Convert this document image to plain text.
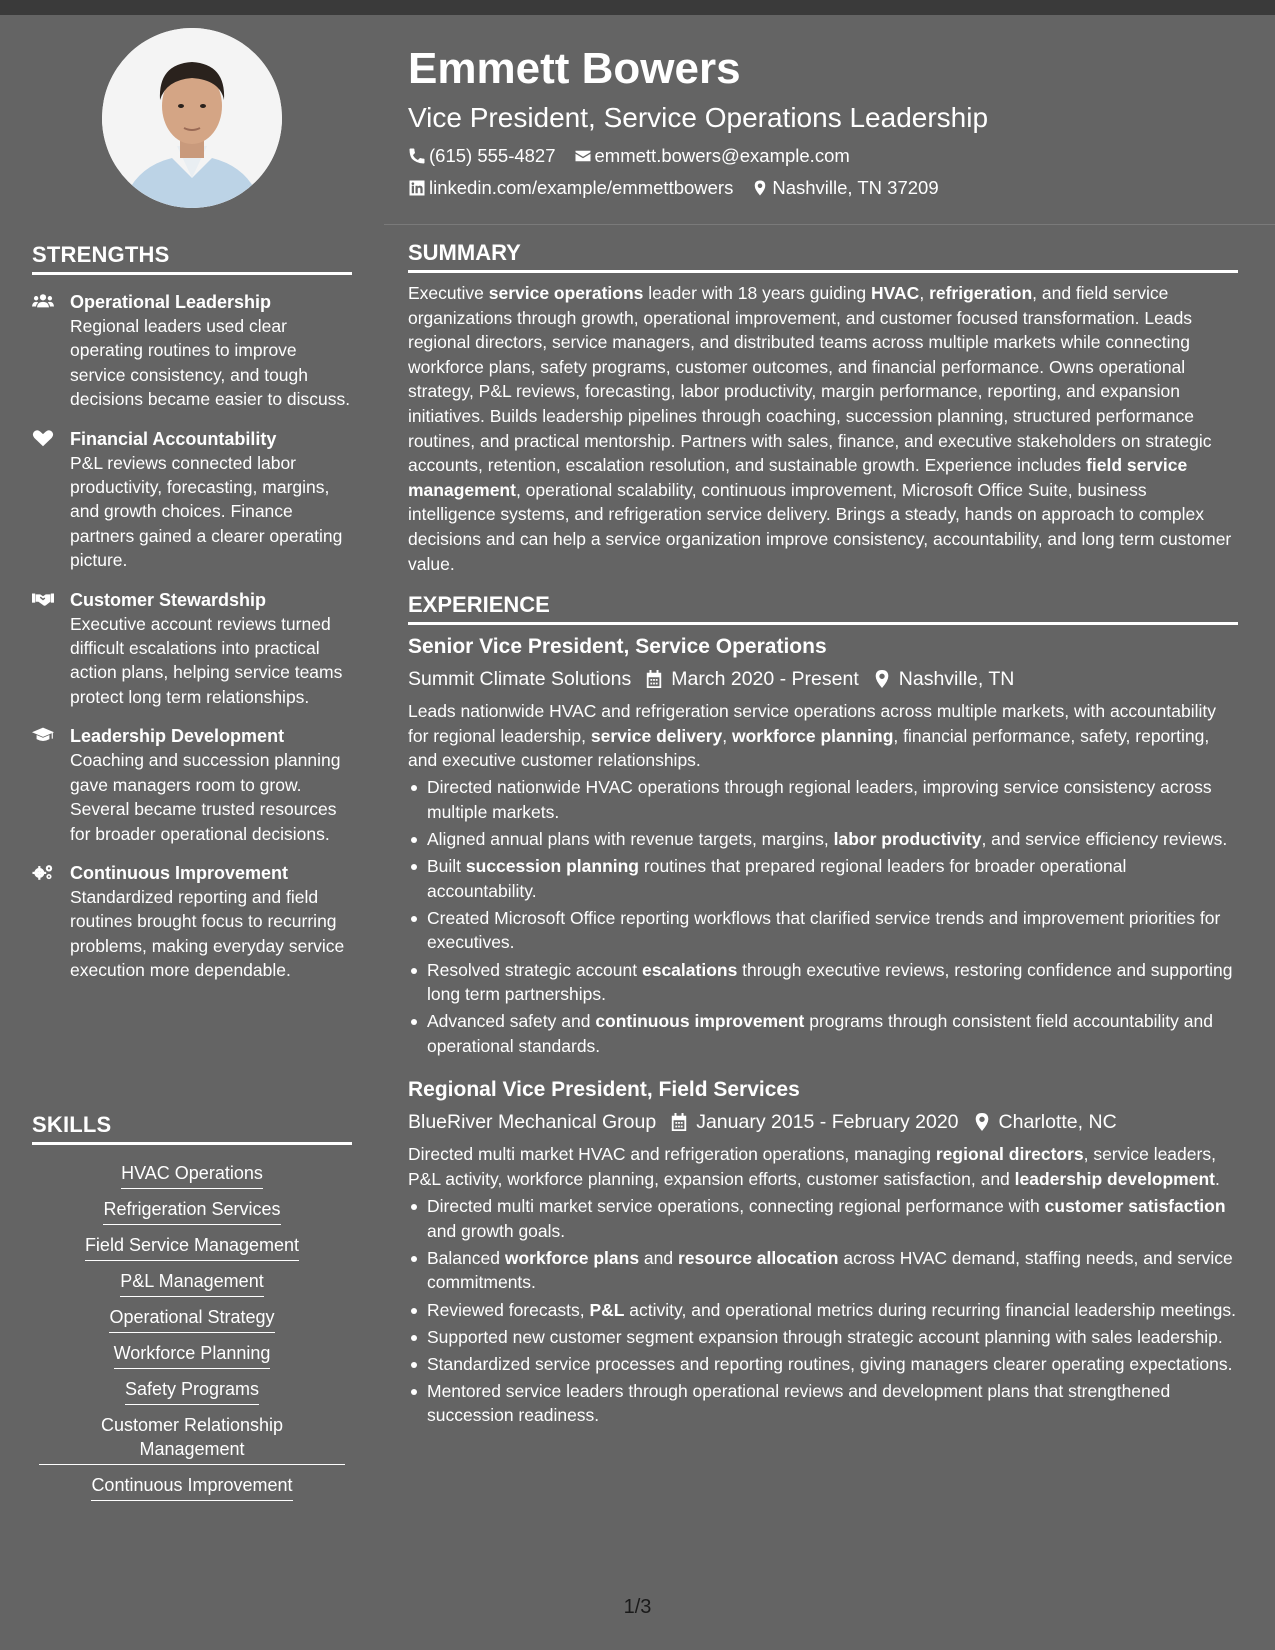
STRENGTHS
Operational Leadership
Regional leaders used clear operating routines to improve service consistency, and tough decisions became easier to discuss.
Financial Accountability
P&L reviews connected labor productivity, forecasting, margins, and growth choices. Finance partners gained a clearer operating picture.
Customer Stewardship
Executive account reviews turned difficult escalations into practical action plans, helping service teams protect long term relationships.
Leadership Development
Coaching and succession planning gave managers room to grow. Several became trusted resources for broader operational decisions.
Continuous Improvement
Standardized reporting and field routines brought focus to recurring problems, making everyday service execution more dependable.
SKILLS
HVAC Operations
Refrigeration Services
Field Service Management
P&L Management
Operational Strategy
Workforce Planning
Safety Programs
Customer Relationship Management
Continuous Improvement
Emmett Bowers
Vice President, Service Operations Leadership
(615) 555-4827 emmett.bowers@example.com
linkedin.com/example/emmettbowers Nashville, TN 37209
SUMMARY

Executive service operations leader with 18 years guiding HVAC, refrigeration, and field service organizations through growth, operational improvement, and customer focused transformation. Leads regional directors, service managers, and distributed teams across multiple markets while connecting workforce plans, safety programs, customer outcomes, and financial performance. Owns operational strategy, P&L reviews, forecasting, labor productivity, margin performance, reporting, and expansion initiatives. Builds leadership pipelines through coaching, succession planning, structured performance routines, and practical mentorship. Partners with sales, finance, and executive stakeholders on strategic accounts, retention, escalation resolution, and sustainable growth. Experience includes field service management, operational scalability, continuous improvement, Microsoft Office Suite, business intelligence systems, and refrigeration service delivery. Brings a steady, hands on approach to complex decisions and can help a service organization improve consistency, accountability, and long term customer value.

EXPERIENCE
Senior Vice President, Service Operations
Summit Climate Solutions March 2020 - Present Nashville, TN

Leads nationwide HVAC and refrigeration service operations across multiple markets, with accountability for regional leadership, service delivery, workforce planning, financial performance, safety, reporting, and executive customer relationships.

Directed nationwide HVAC operations through regional leaders, improving service consistency across multiple markets.
Aligned annual plans with revenue targets, margins, labor productivity, and service efficiency reviews.
Built succession planning routines that prepared regional leaders for broader operational accountability.
Created Microsoft Office reporting workflows that clarified service trends and improvement priorities for executives.
Resolved strategic account escalations through executive reviews, restoring confidence and supporting long term partnerships.
Advanced safety and continuous improvement programs through consistent field accountability and operational standards.
Regional Vice President, Field Services
BlueRiver Mechanical Group January 2015 - February 2020 Charlotte, NC

Directed multi market HVAC and refrigeration operations, managing regional directors, service leaders, P&L activity, workforce planning, expansion efforts, customer satisfaction, and leadership development.

Directed multi market service operations, connecting regional performance with customer satisfaction and growth goals.
Balanced workforce plans and resource allocation across HVAC demand, staffing needs, and service commitments.
Reviewed forecasts, P&L activity, and operational metrics during recurring financial leadership meetings.
Supported new customer segment expansion through strategic account planning with sales leadership.
Standardized service processes and reporting routines, giving managers clearer operating expectations.
Mentored service leaders through operational reviews and development plans that strengthened succession readiness.
1/3
